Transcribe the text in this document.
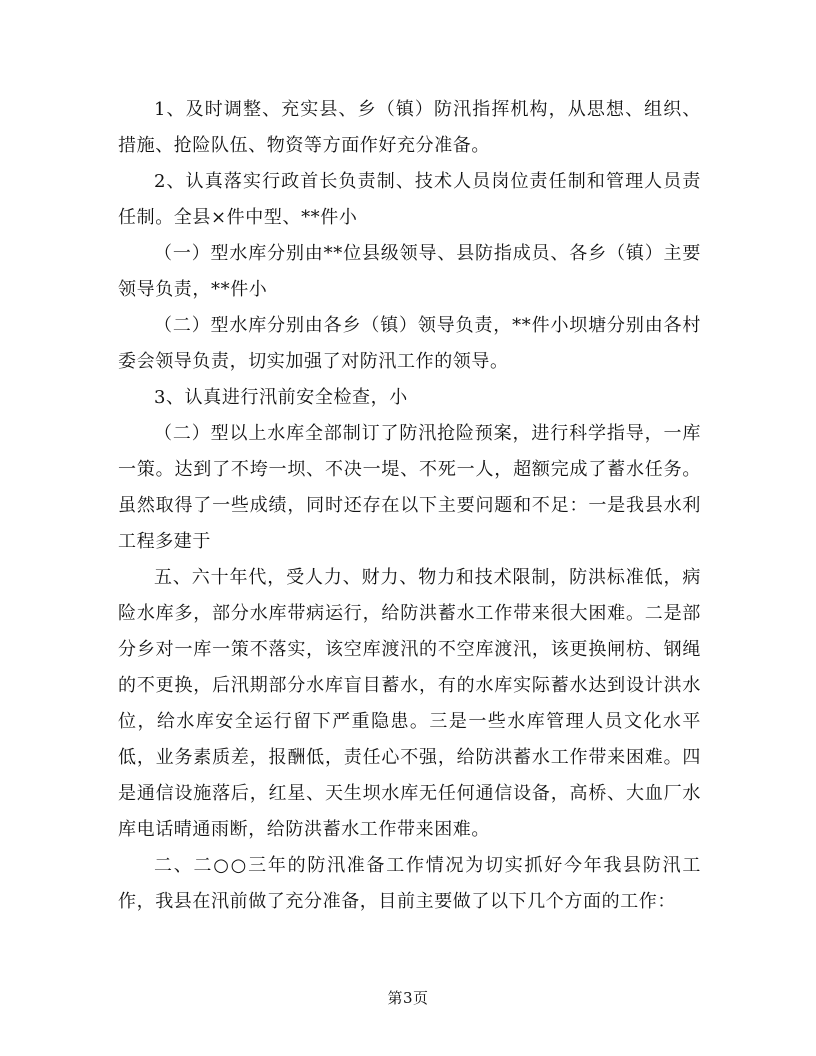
1、及时调整、充实县、乡（镇）防汛指挥机构，从思想、组织、措施、抢险队伍、物资等方面作好充分准备。

2、认真落实行政首长负责制、技术人员岗位责任制和管理人员责任制。全县×件中型、**件小

（一）型水库分别由**位县级领导、县防指成员、各乡（镇）主要领导负责，**件小

（二）型水库分别由各乡（镇）领导负责，**件小坝塘分别由各村委会领导负责，切实加强了对防汛工作的领导。

3、认真进行汛前安全检查，小

（二）型以上水库全部制订了防汛抢险预案，进行科学指导，一库一策。达到了不垮一坝、不决一堤、不死一人，超额完成了蓄水任务。虽然取得了一些成绩，同时还存在以下主要问题和不足：一是我县水利工程多建于

五、六十年代，受人力、财力、物力和技术限制，防洪标准低，病险水库多，部分水库带病运行，给防洪蓄水工作带来很大困难。二是部分乡对一库一策不落实，该空库渡汛的不空库渡汛，该更换闸枋、钢绳的不更换，后汛期部分水库盲目蓄水，有的水库实际蓄水达到设计洪水位，给水库安全运行留下严重隐患。三是一些水库管理人员文化水平低，业务素质差，报酬低，责任心不强，给防洪蓄水工作带来困难。四是通信设施落后，红星、天生坝水库无任何通信设备，高桥、大血厂水库电话晴通雨断，给防洪蓄水工作带来困难。

二、二○○三年的防汛准备工作情况为切实抓好今年我县防汛工作，我县在汛前做了充分准备，目前主要做了以下几个方面的工作：

第3页
